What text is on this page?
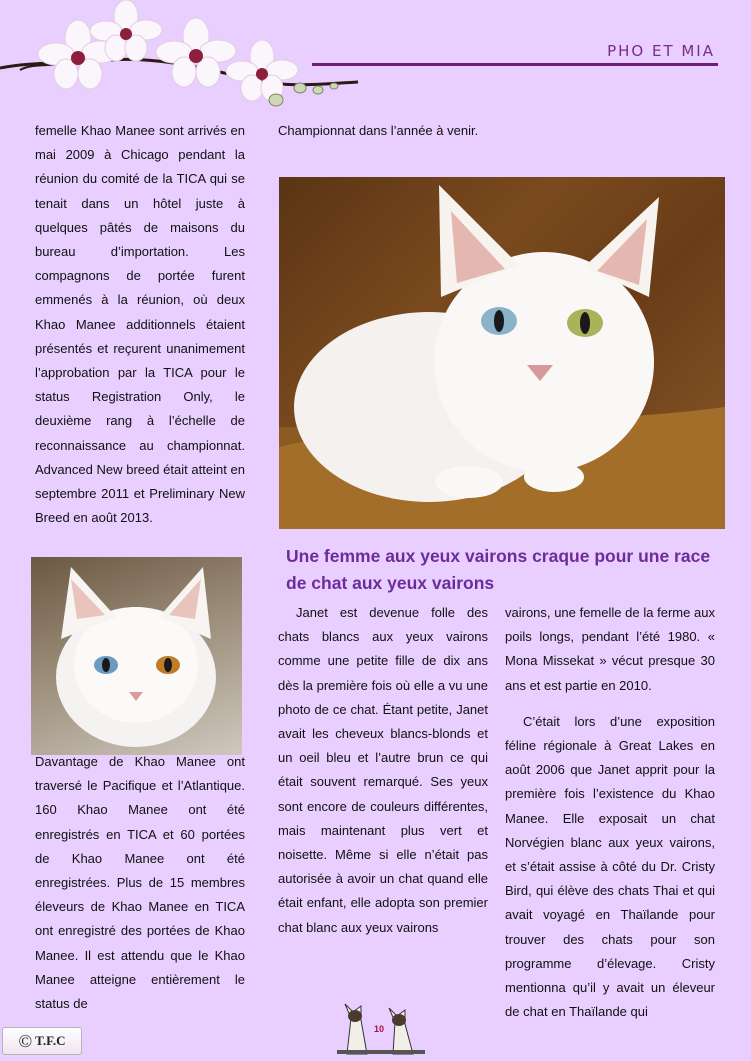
PHO ET MIA
femelle Khao Manee sont arrivés en mai 2009 à Chicago pendant la réunion du comité de la TICA qui se tenait dans un hôtel juste à quelques pâtés de maisons du bureau d’importation. Les compagnons de portée furent emmenés à la réunion, où deux Khao Manee additionnels étaient présentés et reçurent unanimement l’approbation par la TICA pour le status Registration Only, le deuxième rang à l’échelle de reconnaissance au championnat. Advanced New breed était atteint en septembre 2011 et Preliminary New Breed en août 2013.
Davantage de Khao Manee ont traversé le Pacifique et l’Atlantique. 160 Khao Manee ont été enregistrés en TICA et 60 portées de Khao Manee ont été enregistrées. Plus de 15 membres éleveurs de Khao Manee en TICA ont enregistré des portées de Khao Manee. Il est attendu que le Khao Manee atteigne entièrement le status de
Championnat dans l’année à venir.
Une femme aux yeux vairons craque pour une race de chat aux yeux vairons

Janet est devenue folle des chats blancs aux yeux vairons comme une petite fille de dix ans dès la première fois où elle a vu une photo de ce chat. Étant petite, Janet avait les cheveux blancs-blonds et un oeil bleu et l’autre brun ce qui était souvent remarqué. Ses yeux sont encore de couleurs différentes, mais maintenant plus vert et noisette. Même si elle n’était pas autorisée à avoir un chat quand elle était enfant, elle adopta son premier chat blanc aux yeux vairons

vairons, une femelle de la ferme aux poils longs, pendant l’été 1980. « Mona Missekat » vécut presque 30 ans et est partie en 2010.

C’était lors d’une exposition féline régionale à Great Lakes en août 2006 que Janet apprit pour la première fois l’existence du Khao Manee. Elle exposait un chat Norvégien blanc aux yeux vairons, et s’était assise à côté du Dr. Cristy Bird, qui élève des chats Thai et qui avait voyagé en Thaïlande pour trouver des chats pour son programme d’élevage. Cristy mentionna qu’il y avait un éleveur de chat en Thaïlande qui

10
© T.F.C
